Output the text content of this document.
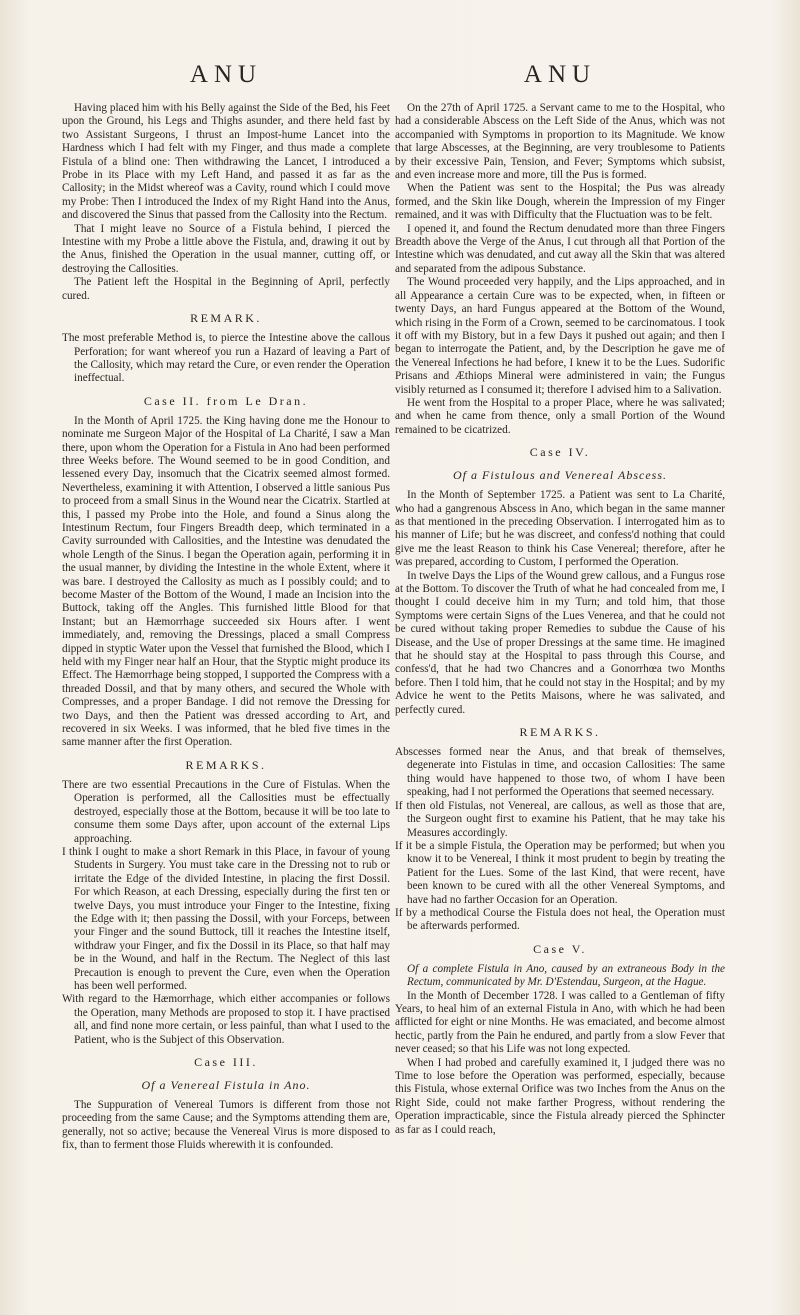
ANU

Having placed him with his Belly against the Side of the Bed, his Feet upon the Ground, his Legs and Thighs asunder, and there held fast by two Assistant Surgeons, I thrust an Impost-hume Lancet into the Hardness which I had felt with my Finger, and thus made a complete Fistula of a blind one: Then withdrawing the Lancet, I introduced a Probe in its Place with my Left Hand, and passed it as far as the Callosity; in the Midst whereof was a Cavity, round which I could move my Probe: Then I introduced the Index of my Right Hand into the Anus, and discovered the Sinus that passed from the Callosity into the Rectum.

That I might leave no Source of a Fistula behind, I pierced the Intestine with my Probe a little above the Fistula, and, drawing it out by the Anus, finished the Operation in the usual manner, cutting off, or destroying the Callosities.

The Patient left the Hospital in the Beginning of April, perfectly cured.

REMARK.

The most preferable Method is, to pierce the Intestine above the callous Perforation; for want whereof you run a Hazard of leaving a Part of the Callosity, which may retard the Cure, or even render the Operation ineffectual.

Case II. from Le Dran.

In the Month of April 1725. the King having done me the Honour to nominate me Surgeon Major of the Hospital of La Charité, I saw a Man there, upon whom the Operation for a Fistula in Ano had been performed three Weeks before. The Wound seemed to be in good Condition, and lessened every Day, insomuch that the Cicatrix seemed almost formed. Nevertheless, examining it with Attention, I observed a little sanious Pus to proceed from a small Sinus in the Wound near the Cicatrix. Startled at this, I passed my Probe into the Hole, and found a Sinus along the Intestinum Rectum, four Fingers Breadth deep, which terminated in a Cavity surrounded with Callosities, and the Intestine was denudated the whole Length of the Sinus. I began the Operation again, performing it in the usual manner, by dividing the Intestine in the whole Extent, where it was bare. I destroyed the Callosity as much as I possibly could; and to become Master of the Bottom of the Wound, I made an Incision into the Buttock, taking off the Angles. This furnished little Blood for that Instant; but an Hæmorrhage succeeded six Hours after. I went immediately, and, removing the Dressings, placed a small Compress dipped in styptic Water upon the Vessel that furnished the Blood, which I held with my Finger near half an Hour, that the Styptic might produce its Effect. The Hæmorrhage being stopped, I supported the Compress with a threaded Dossil, and that by many others, and secured the Whole with Compresses, and a proper Bandage. I did not remove the Dressing for two Days, and then the Patient was dressed according to Art, and recovered in six Weeks. I was informed, that he bled five times in the same manner after the first Operation.

REMARKS.

There are two essential Precautions in the Cure of Fistulas. When the Operation is performed, all the Callosities must be effectually destroyed, especially those at the Bottom, because it will be too late to consume them some Days after, upon account of the external Lips approaching.

I think I ought to make a short Remark in this Place, in favour of young Students in Surgery. You must take care in the Dressing not to rub or irritate the Edge of the divided Intestine, in placing the first Dossil. For which Reason, at each Dressing, especially during the first ten or twelve Days, you must introduce your Finger to the Intestine, fixing the Edge with it; then passing the Dossil, with your Forceps, between your Finger and the sound Buttock, till it reaches the Intestine itself, withdraw your Finger, and fix the Dossil in its Place, so that half may be in the Wound, and half in the Rectum. The Neglect of this last Precaution is enough to prevent the Cure, even when the Operation has been well performed.

With regard to the Hæmorrhage, which either accompanies or follows the Operation, many Methods are proposed to stop it. I have practised all, and find none more certain, or less painful, than what I used to the Patient, who is the Subject of this Observation.

Case III.
Of a Venereal Fistula in Ano.

The Suppuration of Venereal Tumors is different from those not proceeding from the same Cause; and the Symptoms attending them are, generally, not so active; because the Venereal Virus is more disposed to fix, than to ferment those Fluids wherewith it is confounded.

ANU

On the 27th of April 1725. a Servant came to me to the Hospital, who had a considerable Abscess on the Left Side of the Anus, which was not accompanied with Symptoms in proportion to its Magnitude. We know that large Abscesses, at the Beginning, are very troublesome to Patients by their excessive Pain, Tension, and Fever; Symptoms which subsist, and even increase more and more, till the Pus is formed.

When the Patient was sent to the Hospital; the Pus was already formed, and the Skin like Dough, wherein the Impression of my Finger remained, and it was with Difficulty that the Fluctuation was to be felt.

I opened it, and found the Rectum denudated more than three Fingers Breadth above the Verge of the Anus, I cut through all that Portion of the Intestine which was denudated, and cut away all the Skin that was altered and separated from the adipous Substance.

The Wound proceeded very happily, and the Lips approached, and in all Appearance a certain Cure was to be expected, when, in fifteen or twenty Days, an hard Fungus appeared at the Bottom of the Wound, which rising in the Form of a Crown, seemed to be carcinomatous. I took it off with my Bistory, but in a few Days it pushed out again; and then I began to interrogate the Patient, and, by the Description he gave me of the Venereal Infections he had before, I knew it to be the Lues. Sudorific Prisans and Æthiops Mineral were administered in vain; the Fungus visibly returned as I consumed it; therefore I advised him to a Salivation.

He went from the Hospital to a proper Place, where he was salivated; and when he came from thence, only a small Portion of the Wound remained to be cicatrized.

Case IV.
Of a Fistulous and Venereal Abscess.

In the Month of September 1725. a Patient was sent to La Charité, who had a gangrenous Abscess in Ano, which began in the same manner as that mentioned in the preceding Observation. I interrogated him as to his manner of Life; but he was discreet, and confess'd nothing that could give me the least Reason to think his Case Venereal; therefore, after he was prepared, according to Custom, I performed the Operation.

In twelve Days the Lips of the Wound grew callous, and a Fungus rose at the Bottom. To discover the Truth of what he had concealed from me, I thought I could deceive him in my Turn; and told him, that those Symptoms were certain Signs of the Lues Venerea, and that he could not be cured without taking proper Remedies to subdue the Cause of his Disease, and the Use of proper Dressings at the same time. He imagined that he should stay at the Hospital to pass through this Course, and confess'd, that he had two Chancres and a Gonorrhœa two Months before. Then I told him, that he could not stay in the Hospital; and by my Advice he went to the Petits Maisons, where he was salivated, and perfectly cured.

REMARKS.

Abscesses formed near the Anus, and that break of themselves, degenerate into Fistulas in time, and occasion Callosities: The same thing would have happened to those two, of whom I have been speaking, had I not performed the Operations that seemed necessary.

If then old Fistulas, not Venereal, are callous, as well as those that are, the Surgeon ought first to examine his Patient, that he may take his Measures accordingly.

If it be a simple Fistula, the Operation may be performed; but when you know it to be Venereal, I think it most prudent to begin by treating the Patient for the Lues. Some of the last Kind, that were recent, have been known to be cured with all the other Venereal Symptoms, and have had no farther Occasion for an Operation.

If by a methodical Course the Fistula does not heal, the Operation must be afterwards performed.

Case V.

Of a complete Fistula in Ano, caused by an extraneous Body in the Rectum, communicated by Mr. D'Estendau, Surgeon, at the Hague.

In the Month of December 1728. I was called to a Gentleman of fifty Years, to heal him of an external Fistula in Ano, with which he had been afflicted for eight or nine Months. He was emaciated, and become almost hectic, partly from the Pain he endured, and partly from a slow Fever that never ceased; so that his Life was not long expected.

When I had probed and carefully examined it, I judged there was no Time to lose before the Operation was performed, especially, because this Fistula, whose external Orifice was two Inches from the Anus on the Right Side, could not make farther Progress, without rendering the Operation impracticable, since the Fistula already pierced the Sphincter as far as I could reach,
